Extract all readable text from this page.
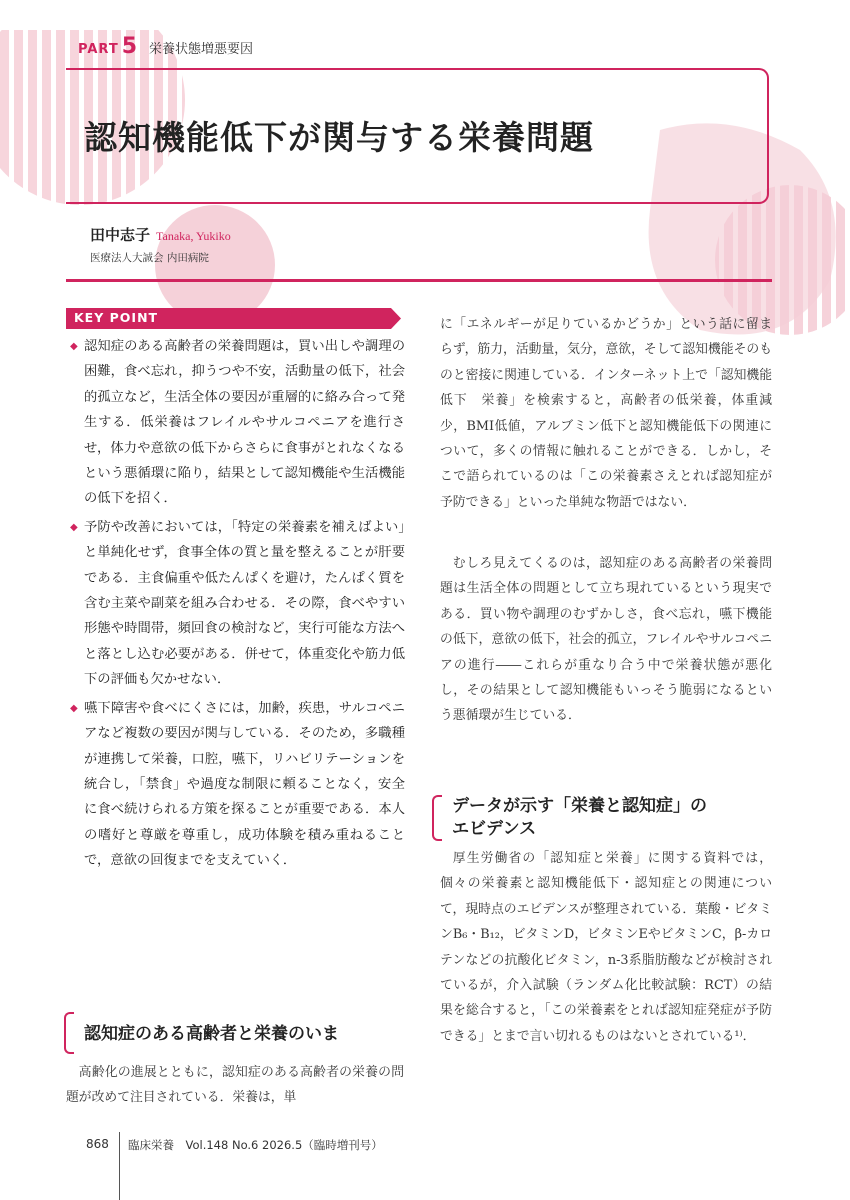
PART 5 栄養状態増悪要因
認知機能低下が関与する栄養問題
田中志子 Tanaka, Yukiko
医療法人大誠会 内田病院
KEY POINT
◆ 認知症のある高齢者の栄養問題は，買い出しや調理の困難，食べ忘れ，抑うつや不安，活動量の低下，社会的孤立など，生活全体の要因が重層的に絡み合って発生する．低栄養はフレイルやサルコペニアを進行させ，体力や意欲の低下からさらに食事がとれなくなるという悪循環に陥り，結果として認知機能や生活機能の低下を招く．
◆ 予防や改善においては，「特定の栄養素を補えばよい」と単純化せず，食事全体の質と量を整えることが肝要である．主食偏重や低たんぱくを避け，たんぱく質を含む主菜や副菜を組み合わせる．その際，食べやすい形態や時間帯，頻回食の検討など，実行可能な方法へと落とし込む必要がある．併せて，体重変化や筋力低下の評価も欠かせない．
◆ 嚥下障害や食べにくさには，加齢，疾患，サルコペニアなど複数の要因が関与している．そのため，多職種が連携して栄養，口腔，嚥下，リハビリテーションを統合し，「禁食」や過度な制限に頼ることなく，安全に食べ続けられる方策を探ることが重要である．本人の嗜好と尊厳を尊重し，成功体験を積み重ねることで，意欲の回復までを支えていく．
認知症のある高齢者と栄養のいま

高齢化の進展とともに，認知症のある高齢者の栄養の問題が改めて注目されている．栄養は，単

に「エネルギーが足りているかどうか」という話に留まらず，筋力，活動量，気分，意欲，そして認知機能そのものと密接に関連している．インターネット上で「認知機能低下　栄養」を検索すると，高齢者の低栄養，体重減少，BMI低値，アルブミン低下と認知機能低下の関連について，多くの情報に触れることができる．しかし，そこで語られているのは「この栄養素さえとれば認知症が予防できる」といった単純な物語ではない．

むしろ見えてくるのは，認知症のある高齢者の栄養問題は生活全体の問題として立ち現れているという現実である．買い物や調理のむずかしさ，食べ忘れ，嚥下機能の低下，意欲の低下，社会的孤立，フレイルやサルコペニアの進行――これらが重なり合う中で栄養状態が悪化し，その結果として認知機能もいっそう脆弱になるという悪循環が生じている．

データが示す「栄養と認知症」の
エビデンス

厚生労働省の「認知症と栄養」に関する資料では，個々の栄養素と認知機能低下・認知症との関連について，現時点のエビデンスが整理されている．葉酸・ビタミンB₆・B₁₂，ビタミンD，ビタミンEやビタミンC，β-カロテンなどの抗酸化ビタミン，n-3系脂肪酸などが検討されているが，介入試験（ランダム化比較試験：RCT）の結果を総合すると，「この栄養素をとれば認知症発症が予防できる」とまで言い切れるものはないとされている¹⁾．

868 臨床栄養　Vol.148 No.6 2026.5（臨時増刊号）
